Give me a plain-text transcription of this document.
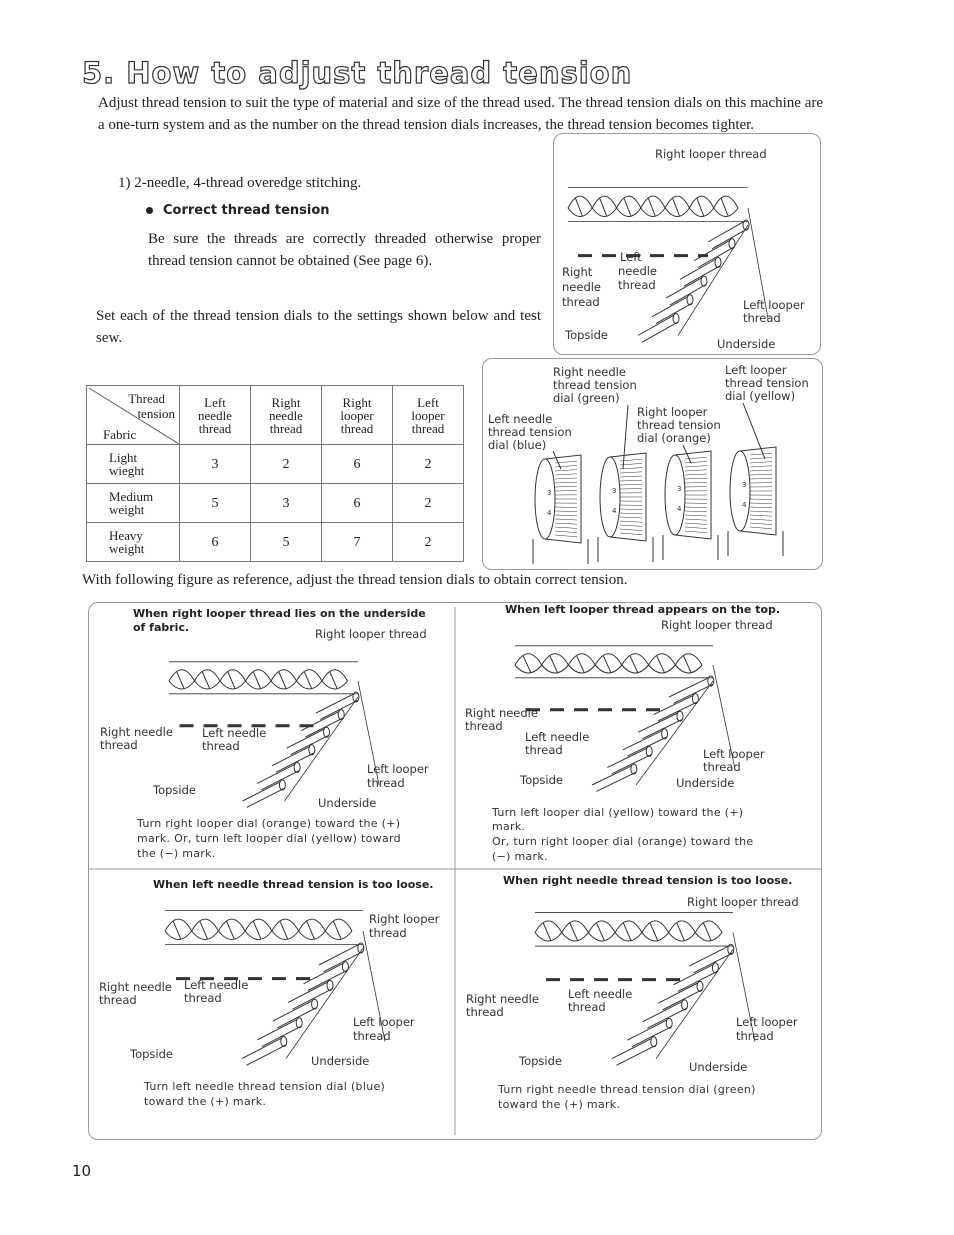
5. How to adjust thread tension
Adjust thread tension to suit the type of material and size of the thread used. The thread tension dials on this machine are a one-turn system and as the number on the thread tension dials increases, the thread tension becomes tighter.
1) 2-needle, 4-thread overedge stitching.
Correct thread tension
Be sure the threads are correctly threaded otherwise proper thread tension cannot be obtained (See page 6).
Set each of the thread tension dials to the settings shown below and test sew.
Thread
tension
Fabric	Left
needle
thread	Right
needle
thread	Right
looper
thread	Left
looper
thread
Light
wieght	3	2	6	2
Medium
weight	5	3	6	2
Heavy
weight	6	5	7	2
Right looper thread
Left
Right needle
needle thread
thread	Left looper
thread
Topside
Underside
3
4
3
4
3
4
3
4
Right needle
thread tension
dial (green)
Left looper
thread tension
dial (yellow)
Left needle
thread tension
dial (blue)
Right looper
thread tension
dial (orange)
With following figure as reference, adjust the thread tension dials to obtain correct tension.
When right looper thread lies on the underside
of fabric.	Right looper thread
Right needle
thread
Left needle
thread
Left looper
thread
Topside
Underside
Turn right looper dial (orange) toward the (+)
mark. Or, turn left looper dial (yellow) toward
the (−) mark.
When left looper thread appears on the top.
Right looper thread
Right needle
thread
Left needle
thread	Left looper
thread
Topside	Underside
Turn left looper dial (yellow) toward the (+)
mark.
Or, turn right looper dial (orange) toward the
(−) mark.
When left needle thread tension is too loose.
Right looper
thread
Right needle
thread
Left needle
thread
Left looper
thread
Topside	Underside
Turn left needle thread tension dial (blue)
toward the (+) mark.
When right needle thread tension is too loose.
Right looper thread
Right needle
thread
Left needle
thread
Left looper
thread
Topside	Underside
Turn right needle thread tension dial (green)
toward the (+) mark.
10
